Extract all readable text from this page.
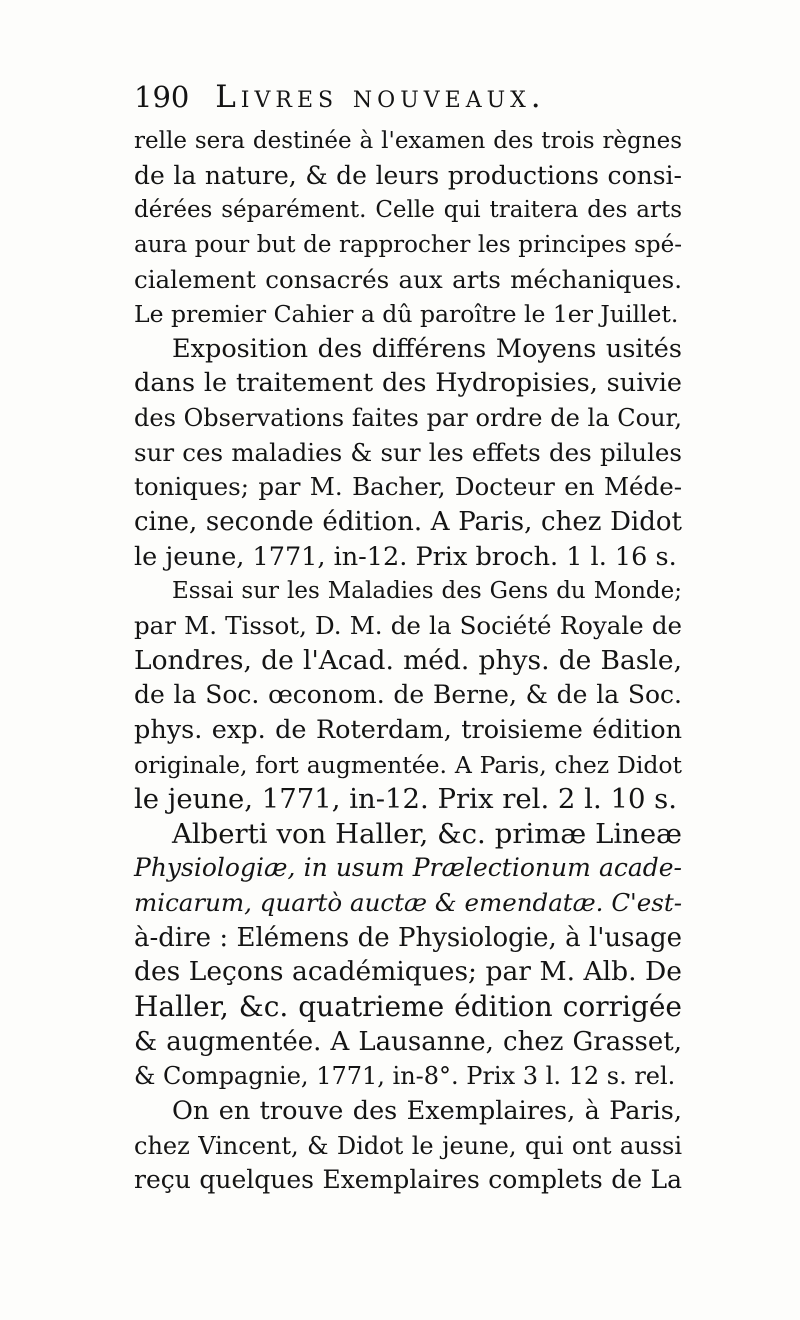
190 Livres nouveaux.
relle sera destinée à l'examen des trois règnes
de la nature, & de leurs productions consi-
dérées séparément. Celle qui traitera des arts
aura pour but de rapprocher les principes spé-
cialement consacrés aux arts méchaniques.
Le premier Cahier a dû paroître le 1er Juillet.
Exposition des différens Moyens usités
dans le traitement des Hydropisies, suivie
des Observations faites par ordre de la Cour,
sur ces maladies & sur les effets des pilules
toniques; par M. Bacher, Docteur en Méde-
cine, seconde édition. A Paris, chez Didot
le jeune, 1771, in-12. Prix broch. 1 l. 16 s.
Essai sur les Maladies des Gens du Monde;
par M. Tissot, D. M. de la Société Royale de
Londres, de l'Acad. méd. phys. de Basle,
de la Soc. œconom. de Berne, & de la Soc.
phys. exp. de Roterdam, troisieme édition
originale, fort augmentée. A Paris, chez Didot
le jeune, 1771, in-12. Prix rel. 2 l. 10 s.
Alberti von Haller, &c. primæ Lineæ
Physiologiæ, in usum Prælectionum acade-
micarum, quartò auctæ & emendatæ. C'est-
à-dire : Elémens de Physiologie, à l'usage
des Leçons académiques; par M. Alb. De
Haller, &c. quatrieme édition corrigée
& augmentée. A Lausanne, chez Grasset,
& Compagnie, 1771, in-8°. Prix 3 l. 12 s. rel.
On en trouve des Exemplaires, à Paris,
chez Vincent, & Didot le jeune, qui ont aussi
reçu quelques Exemplaires complets de La
